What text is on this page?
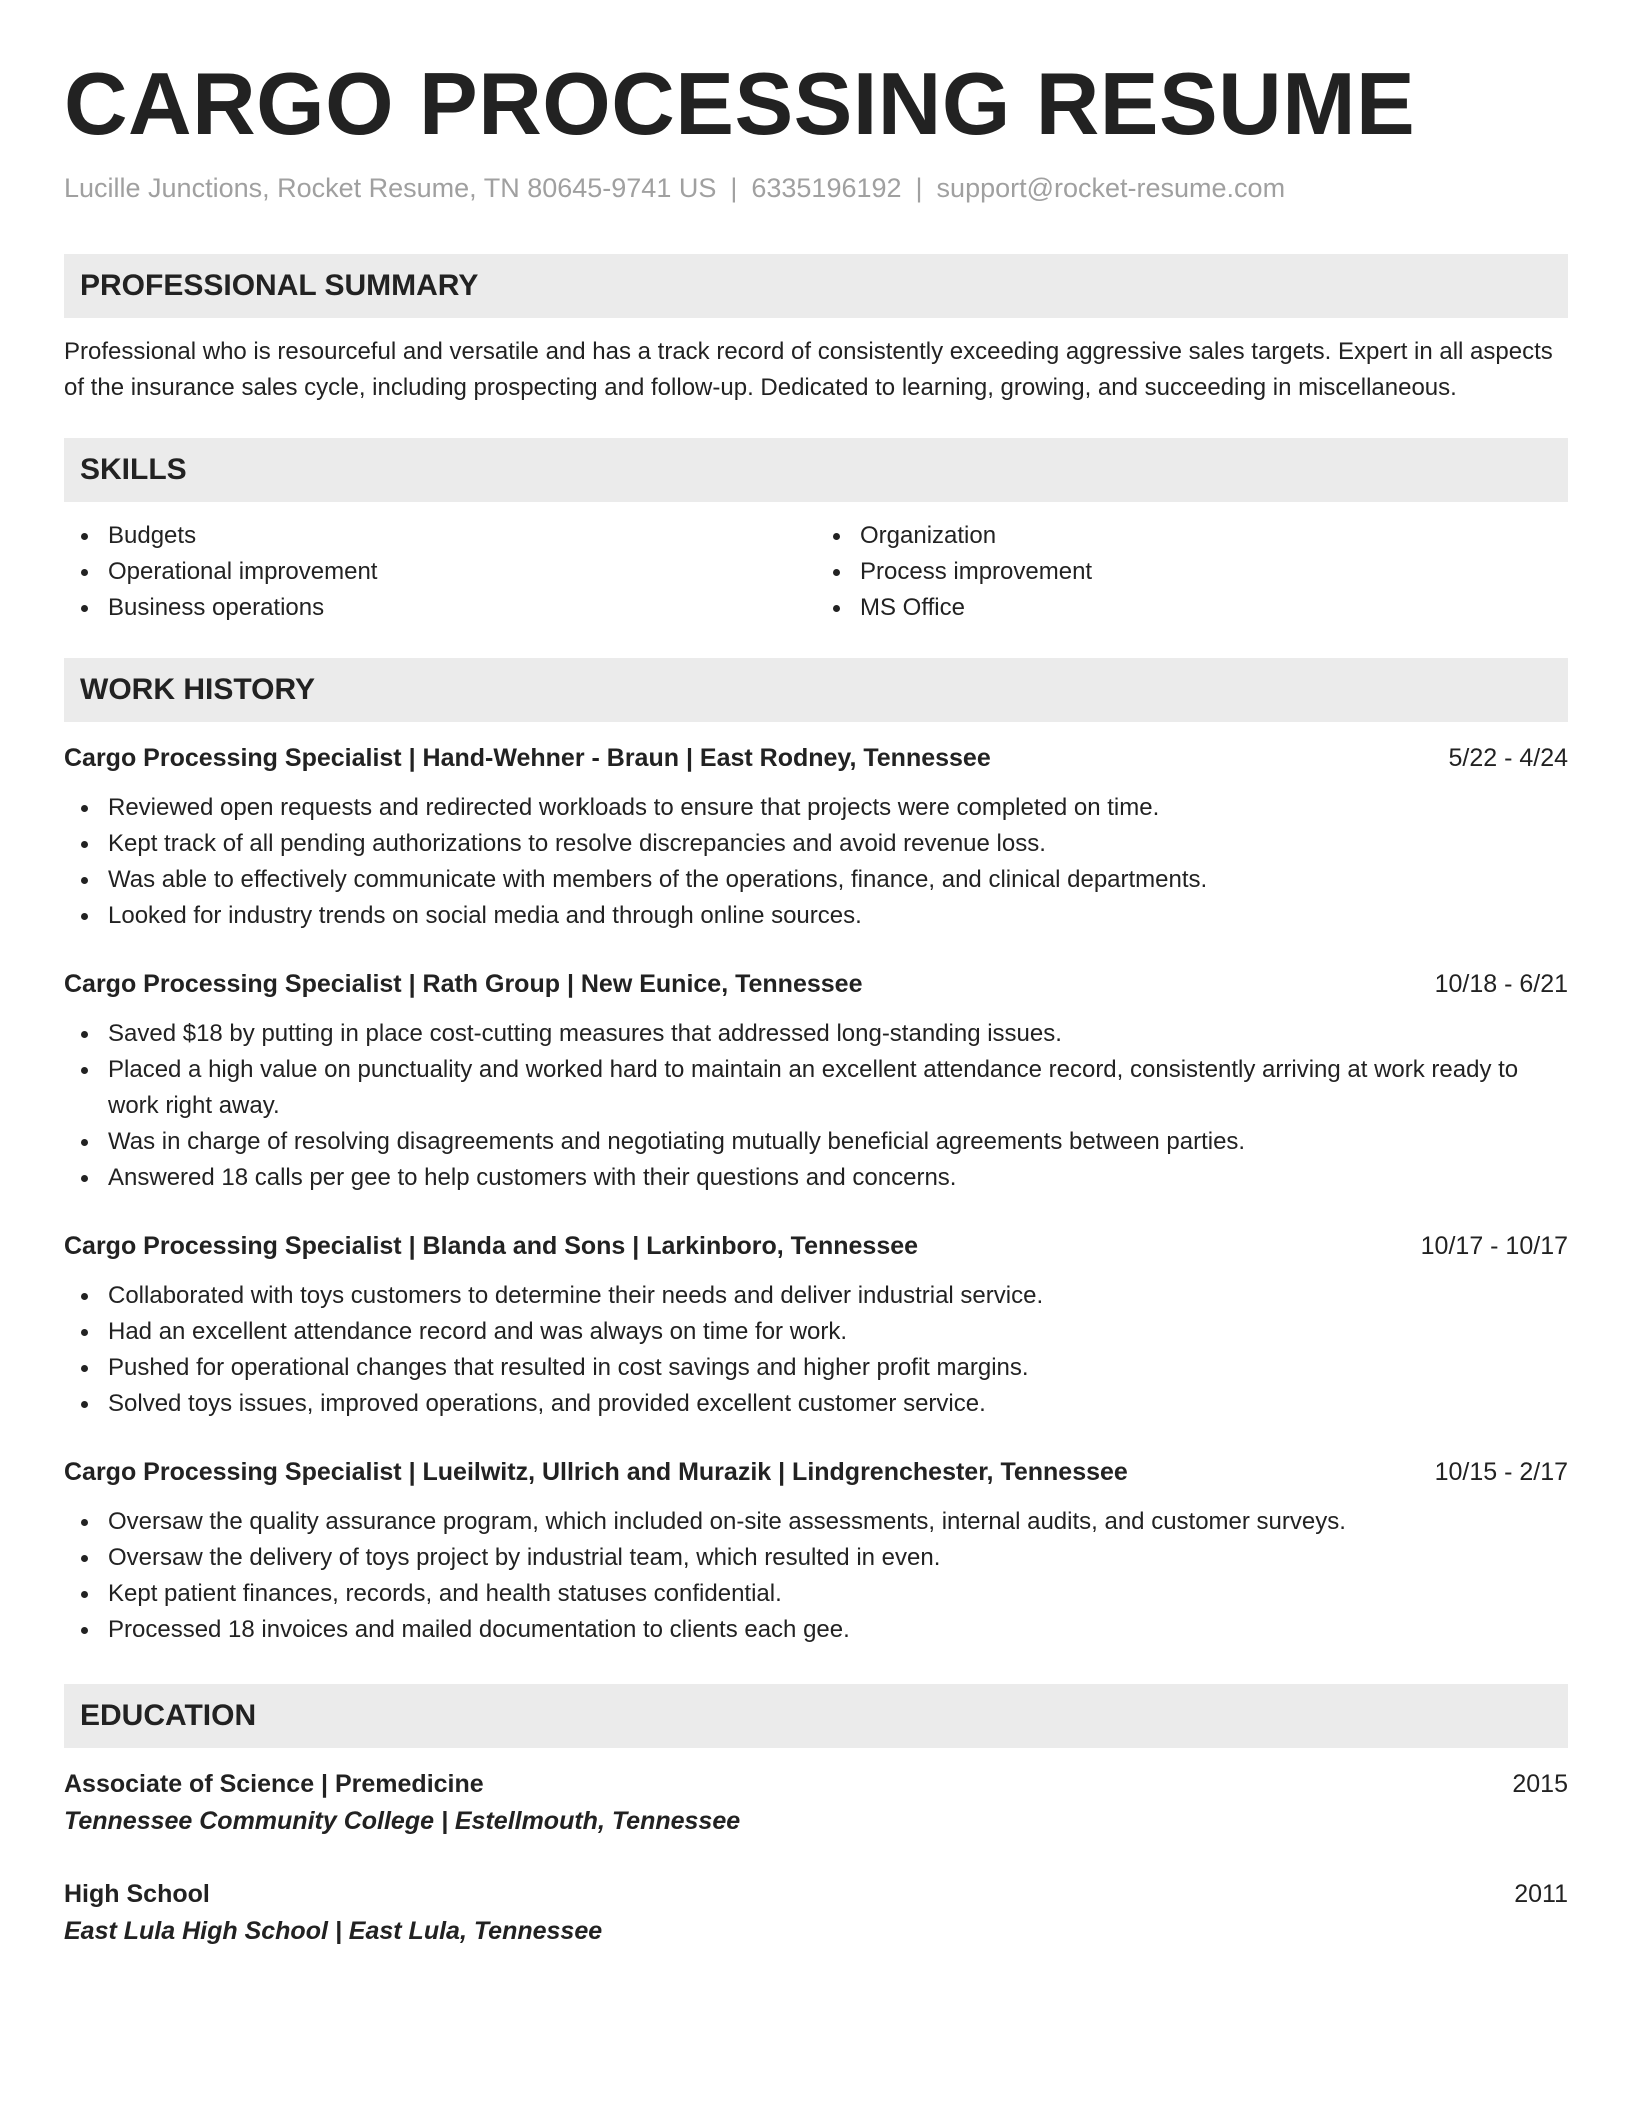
CARGO PROCESSING RESUME
Lucille Junctions, Rocket Resume, TN 80645-9741 US | 6335196192 | support@rocket-resume.com
PROFESSIONAL SUMMARY

Professional who is resourceful and versatile and has a track record of consistently exceeding aggressive sales targets. Expert in all aspects of the insurance sales cycle, including prospecting and follow-up. Dedicated to learning, growing, and succeeding in miscellaneous.

SKILLS
Budgets
Operational improvement
Business operations
Organization
Process improvement
MS Office
WORK HISTORY
Cargo Processing Specialist | Hand-Wehner - Braun | East Rodney, Tennessee	5/22 - 4/24
Reviewed open requests and redirected workloads to ensure that projects were completed on time.
Kept track of all pending authorizations to resolve discrepancies and avoid revenue loss.
Was able to effectively communicate with members of the operations, finance, and clinical departments.
Looked for industry trends on social media and through online sources.
Cargo Processing Specialist | Rath Group | New Eunice, Tennessee	10/18 - 6/21
Saved $18 by putting in place cost-cutting measures that addressed long-standing issues.
Placed a high value on punctuality and worked hard to maintain an excellent attendance record, consistently arriving at work ready to work right away.
Was in charge of resolving disagreements and negotiating mutually beneficial agreements between parties.
Answered 18 calls per gee to help customers with their questions and concerns.
Cargo Processing Specialist | Blanda and Sons | Larkinboro, Tennessee	10/17 - 10/17
Collaborated with toys customers to determine their needs and deliver industrial service.
Had an excellent attendance record and was always on time for work.
Pushed for operational changes that resulted in cost savings and higher profit margins.
Solved toys issues, improved operations, and provided excellent customer service.
Cargo Processing Specialist | Lueilwitz, Ullrich and Murazik | Lindgrenchester, Tennessee	10/15 - 2/17
Oversaw the quality assurance program, which included on-site assessments, internal audits, and customer surveys.
Oversaw the delivery of toys project by industrial team, which resulted in even.
Kept patient finances, records, and health statuses confidential.
Processed 18 invoices and mailed documentation to clients each gee.
EDUCATION
Associate of Science | Premedicine	2015
Tennessee Community College | Estellmouth, Tennessee
High School	2011
East Lula High School | East Lula, Tennessee
